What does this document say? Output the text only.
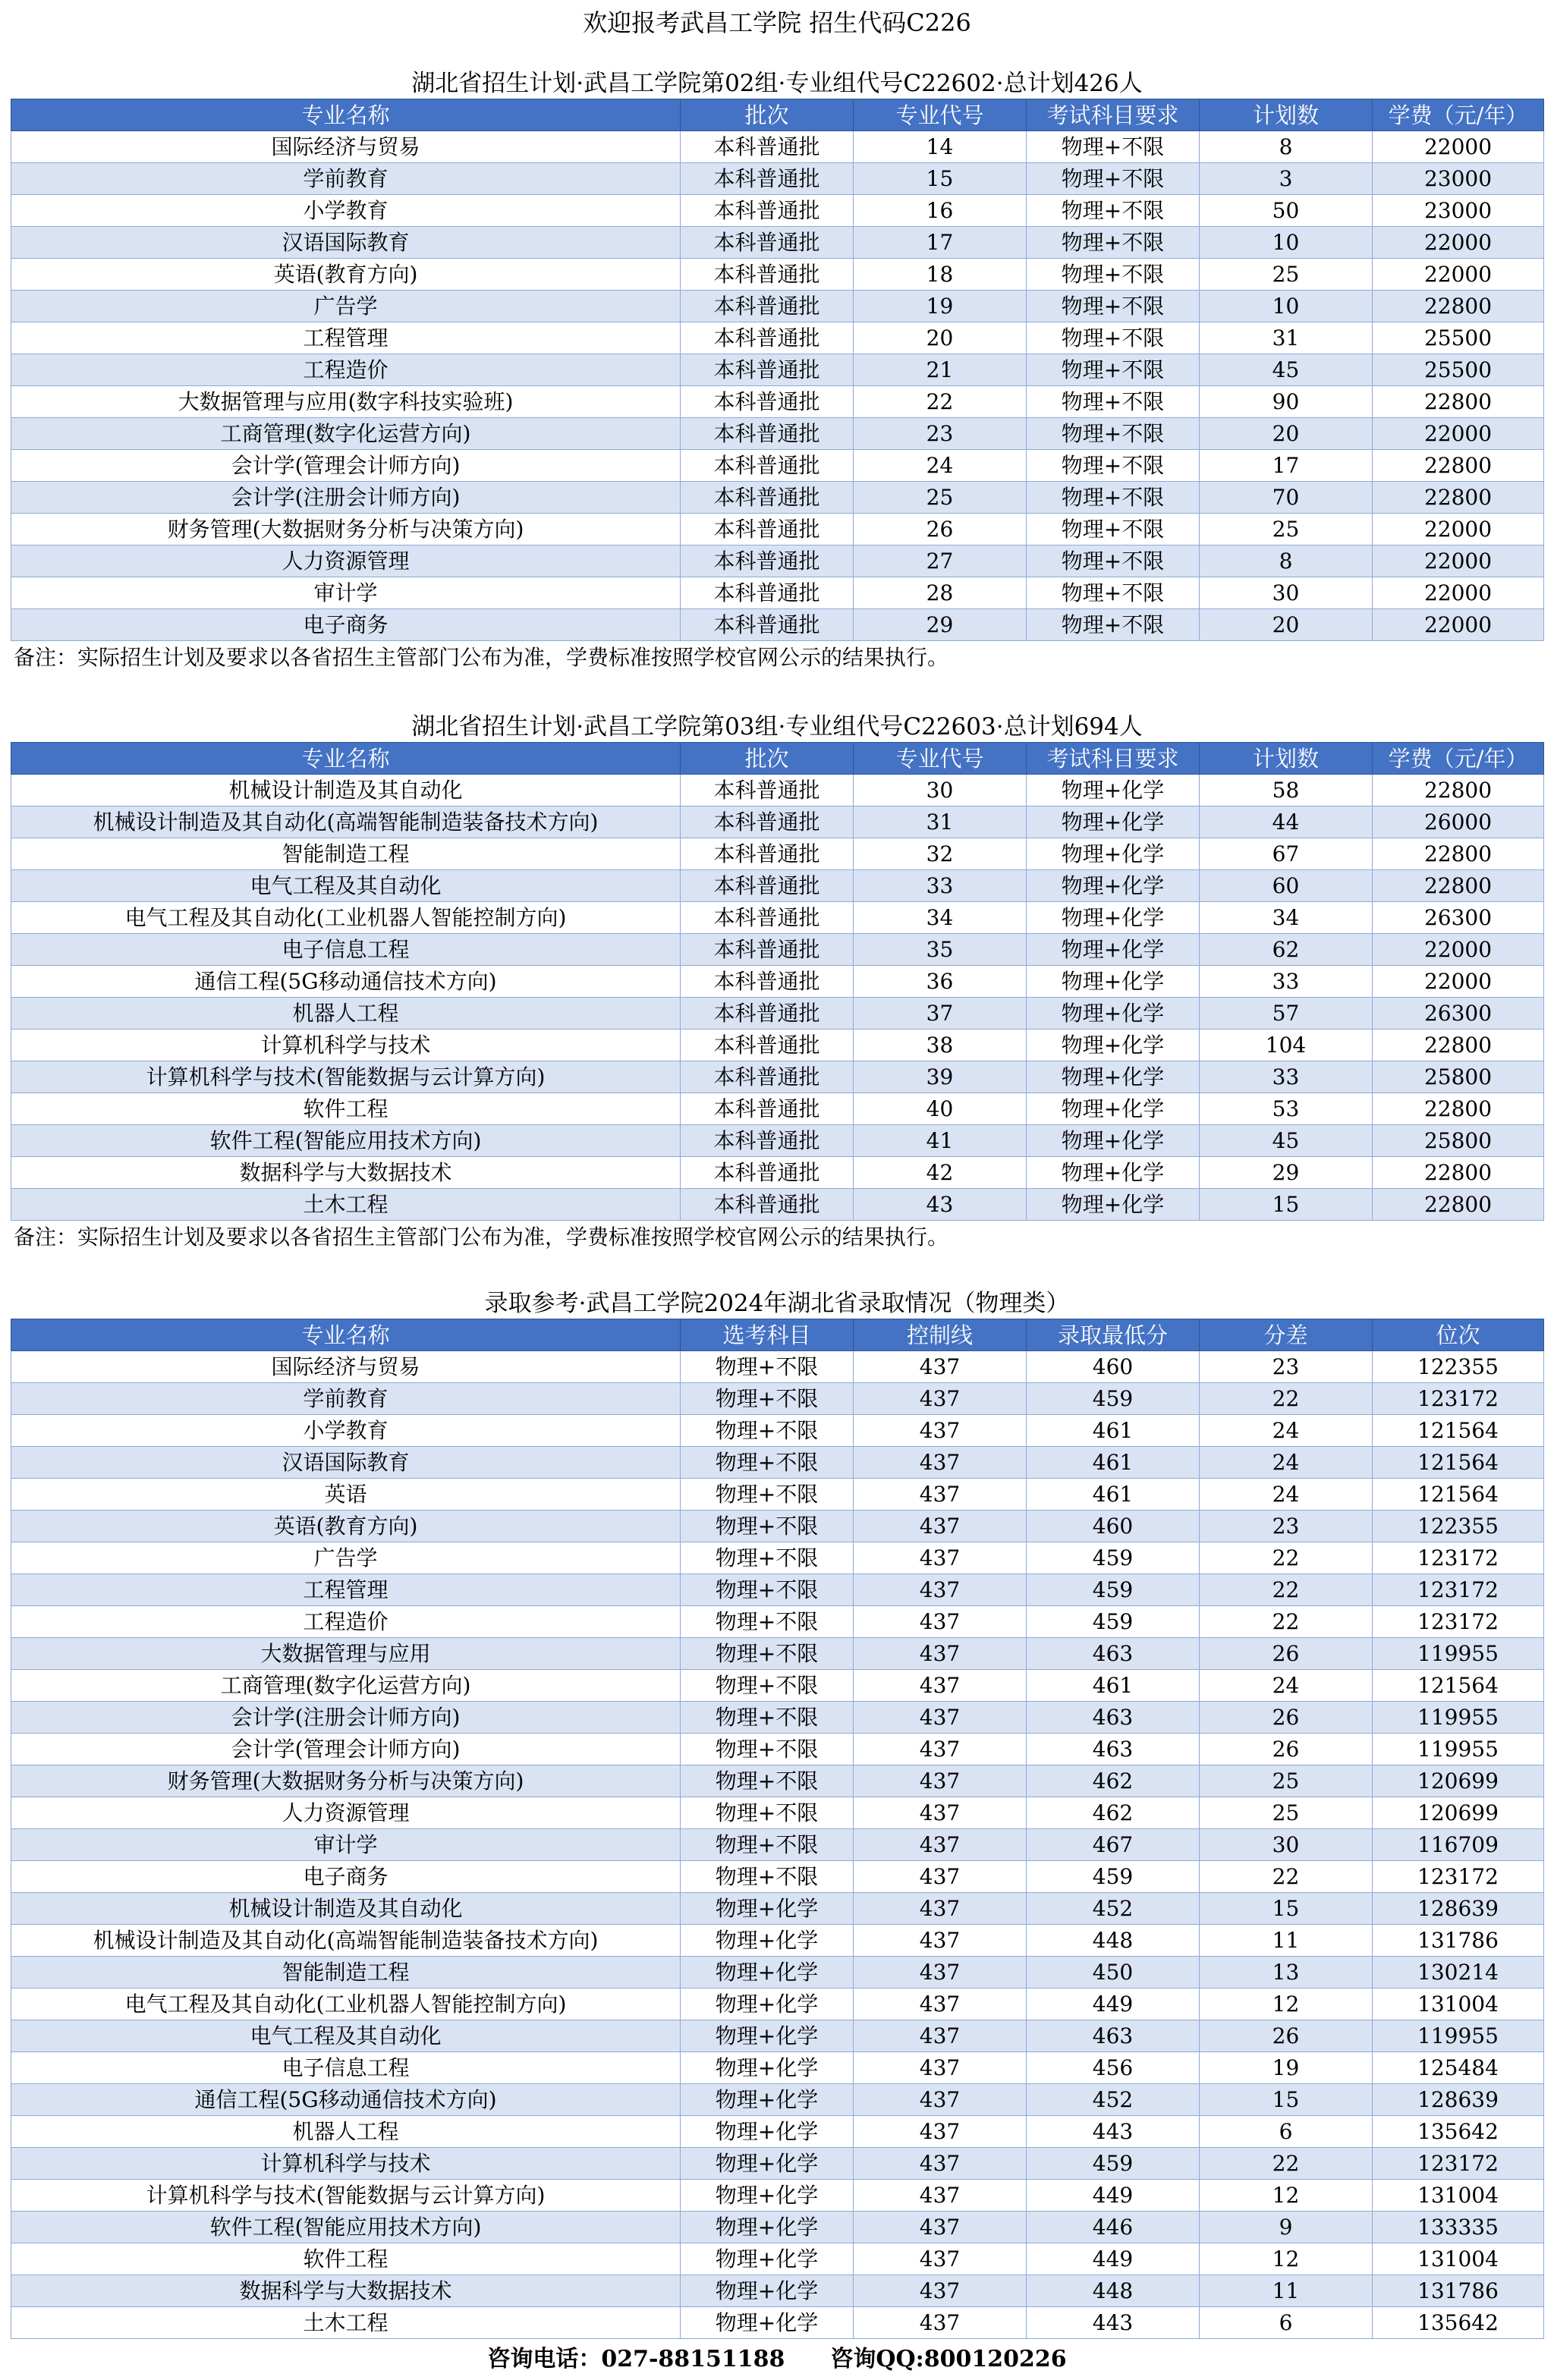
欢迎报考武昌工学院 招生代码C226
湖北省招生计划·武昌工学院第02组·专业组代号C22602·总计划426人
专业名称	批次	专业代号	考试科目要求	计划数	学费（元/年）
国际经济与贸易	本科普通批	14	物理+不限	8	22000
学前教育	本科普通批	15	物理+不限	3	23000
小学教育	本科普通批	16	物理+不限	50	23000
汉语国际教育	本科普通批	17	物理+不限	10	22000
英语(教育方向)	本科普通批	18	物理+不限	25	22000
广告学	本科普通批	19	物理+不限	10	22800
工程管理	本科普通批	20	物理+不限	31	25500
工程造价	本科普通批	21	物理+不限	45	25500
大数据管理与应用(数字科技实验班)	本科普通批	22	物理+不限	90	22800
工商管理(数字化运营方向)	本科普通批	23	物理+不限	20	22000
会计学(管理会计师方向)	本科普通批	24	物理+不限	17	22800
会计学(注册会计师方向)	本科普通批	25	物理+不限	70	22800
财务管理(大数据财务分析与决策方向)	本科普通批	26	物理+不限	25	22000
人力资源管理	本科普通批	27	物理+不限	8	22000
审计学	本科普通批	28	物理+不限	30	22000
电子商务	本科普通批	29	物理+不限	20	22000
备注：实际招生计划及要求以各省招生主管部门公布为准，学费标准按照学校官网公示的结果执行。
湖北省招生计划·武昌工学院第03组·专业组代号C22603·总计划694人
专业名称	批次	专业代号	考试科目要求	计划数	学费（元/年）
机械设计制造及其自动化	本科普通批	30	物理+化学	58	22800
机械设计制造及其自动化(高端智能制造装备技术方向)	本科普通批	31	物理+化学	44	26000
智能制造工程	本科普通批	32	物理+化学	67	22800
电气工程及其自动化	本科普通批	33	物理+化学	60	22800
电气工程及其自动化(工业机器人智能控制方向)	本科普通批	34	物理+化学	34	26300
电子信息工程	本科普通批	35	物理+化学	62	22000
通信工程(5G移动通信技术方向)	本科普通批	36	物理+化学	33	22000
机器人工程	本科普通批	37	物理+化学	57	26300
计算机科学与技术	本科普通批	38	物理+化学	104	22800
计算机科学与技术(智能数据与云计算方向)	本科普通批	39	物理+化学	33	25800
软件工程	本科普通批	40	物理+化学	53	22800
软件工程(智能应用技术方向)	本科普通批	41	物理+化学	45	25800
数据科学与大数据技术	本科普通批	42	物理+化学	29	22800
土木工程	本科普通批	43	物理+化学	15	22800
备注：实际招生计划及要求以各省招生主管部门公布为准，学费标准按照学校官网公示的结果执行。
录取参考·武昌工学院2024年湖北省录取情况（物理类）
专业名称	选考科目	控制线	录取最低分	分差	位次
国际经济与贸易	物理+不限	437	460	23	122355
学前教育	物理+不限	437	459	22	123172
小学教育	物理+不限	437	461	24	121564
汉语国际教育	物理+不限	437	461	24	121564
英语	物理+不限	437	461	24	121564
英语(教育方向)	物理+不限	437	460	23	122355
广告学	物理+不限	437	459	22	123172
工程管理	物理+不限	437	459	22	123172
工程造价	物理+不限	437	459	22	123172
大数据管理与应用	物理+不限	437	463	26	119955
工商管理(数字化运营方向)	物理+不限	437	461	24	121564
会计学(注册会计师方向)	物理+不限	437	463	26	119955
会计学(管理会计师方向)	物理+不限	437	463	26	119955
财务管理(大数据财务分析与决策方向)	物理+不限	437	462	25	120699
人力资源管理	物理+不限	437	462	25	120699
审计学	物理+不限	437	467	30	116709
电子商务	物理+不限	437	459	22	123172
机械设计制造及其自动化	物理+化学	437	452	15	128639
机械设计制造及其自动化(高端智能制造装备技术方向)	物理+化学	437	448	11	131786
智能制造工程	物理+化学	437	450	13	130214
电气工程及其自动化(工业机器人智能控制方向)	物理+化学	437	449	12	131004
电气工程及其自动化	物理+化学	437	463	26	119955
电子信息工程	物理+化学	437	456	19	125484
通信工程(5G移动通信技术方向)	物理+化学	437	452	15	128639
机器人工程	物理+化学	437	443	6	135642
计算机科学与技术	物理+化学	437	459	22	123172
计算机科学与技术(智能数据与云计算方向)	物理+化学	437	449	12	131004
软件工程(智能应用技术方向)	物理+化学	437	446	9	133335
软件工程	物理+化学	437	449	12	131004
数据科学与大数据技术	物理+化学	437	448	11	131786
土木工程	物理+化学	437	443	6	135642
咨询电话：027-88151188 咨询QQ:800120226
